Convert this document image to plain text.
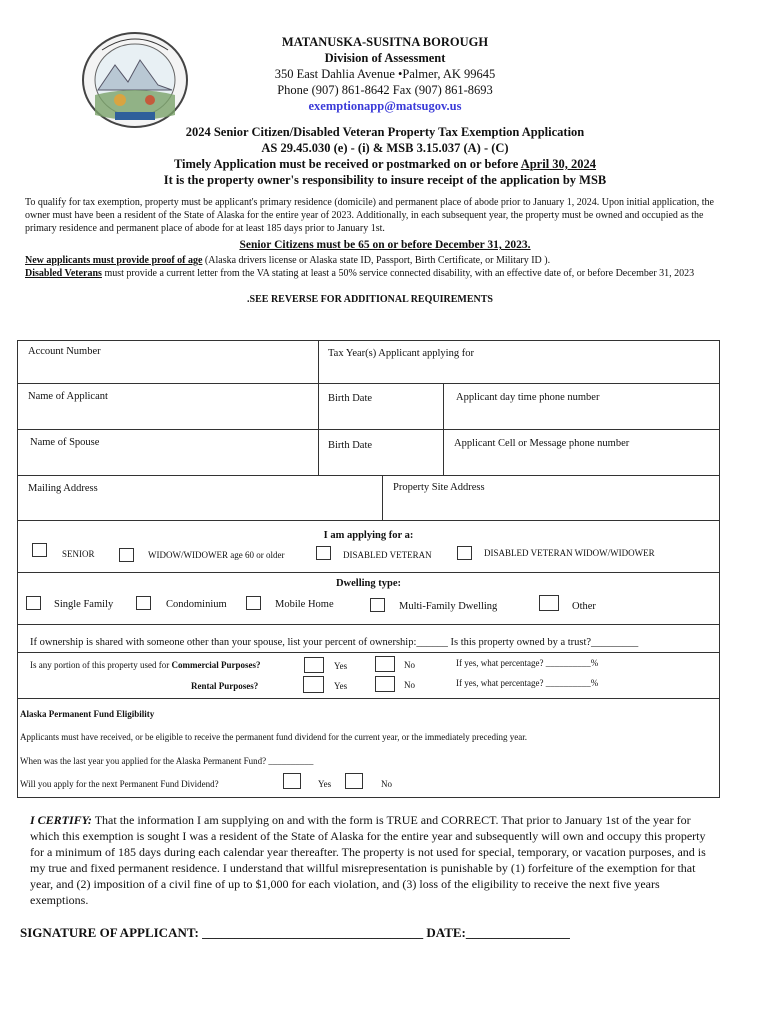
MATANUSKA-SUSITNA BOROUGH
Division of Assessment
350 East Dahlia Avenue •Palmer, AK 99645
Phone (907) 861-8642 Fax (907) 861-8693
exemptionapp@matsugov.us
2024 Senior Citizen/Disabled Veteran Property Tax Exemption Application
AS 29.45.030 (e) - (i) & MSB 3.15.037 (A) - (C)
Timely Application must be received or postmarked on or before April 30, 2024
It is the property owner's responsibility to insure receipt of the application by MSB
To qualify for tax exemption, property must be applicant's primary residence (domicile) and permanent place of abode prior to January 1, 2024. Upon initial application, the owner must have been a resident of the State of Alaska for the entire year of 2023. Additionally, in each subsequent year, the property must be owned and occupied as the primary residence and permanent place of abode for at least 185 days prior to January 1st.
Senior Citizens must be 65 on or before December 31, 2023.
New applicants must provide proof of age (Alaska drivers license or Alaska state ID, Passport, Birth Certificate, or Military ID ).
Disabled Veterans must provide a current letter from the VA stating at least a 50% service connected disability, with an effective date of, or before December 31, 2023
.SEE REVERSE FOR ADDITIONAL REQUIREMENTS
Account Number	Tax Year(s) Applicant applying for
Name of Applicant	Birth Date	Applicant day time phone number
Name of Spouse	Birth Date	Applicant Cell or Message phone number
Mailing Address	Property Site Address
I am applying for a:
SENIOR	WIDOW/WIDOWER age 60 or older	DISABLED VETERAN	DISABLED VETERAN WIDOW/WIDOWER
Dwelling type:
Single Family	Condominium	Mobile Home	Multi-Family Dwelling	Other
If ownership is shared with someone other than your spouse, list your percent of ownership:______ Is this property owned by a trust?_________
Is any portion of this property used for Commercial Purposes?	Yes	No	If yes, what percentage? __________%
Rental Purposes?	Yes	No	If yes, what percentage? __________%
Alaska Permanent Fund Eligibility
Applicants must have received, or be eligible to receive the permanent fund dividend for the current year, or the immediately preceding year.
When was the last year you applied for the Alaska Permanent Fund? __________
Will you apply for the next Permanent Fund Dividend?	Yes	No
I CERTIFY: That the information I am supplying on and with the form is TRUE and CORRECT. That prior to January 1st of the year for which this exemption is sought I was a resident of the State of Alaska for the entire year and subsequently will own and occupy this property for a minimum of 185 days during each calendar year thereafter. The property is not used for special, temporary, or vacation purposes, and is my true and fixed permanent residence. I understand that willful misrepresentation is punishable by (1) forfeiture of the exemption for that year, and (2) imposition of a civil fine of up to $1,000 for each violation, and (3) loss of the eligibility to receive the next five years exemptions.
SIGNATURE OF APPLICANT: __________________________________ DATE:________________
